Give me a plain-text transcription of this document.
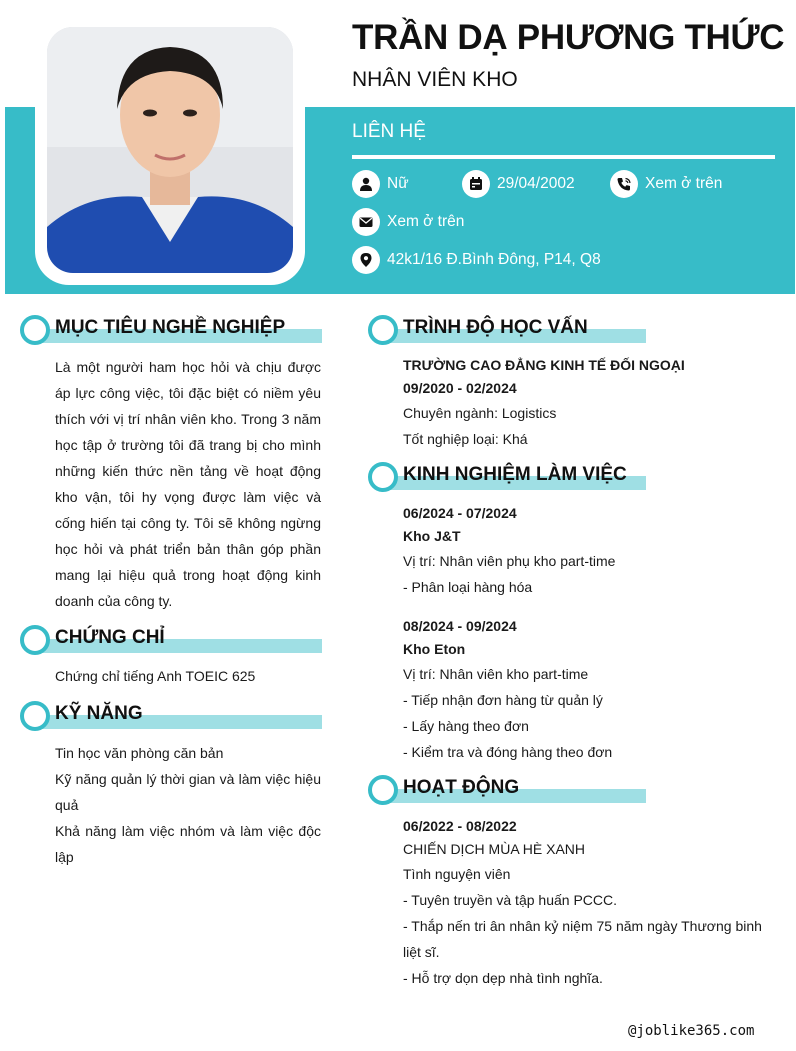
TRẦN DẠ PHƯƠNG THỨC
NHÂN VIÊN KHO
LIÊN HỆ
Nữ	29/04/2002	Xem ở trên
Xem ở trên
42k1/16 Đ.Bình Đông, P14, Q8
MỤC TIÊU NGHỀ NGHIỆP
Là một người ham học hỏi và chịu được áp lực công việc, tôi đặc biệt có niềm yêu thích với vị trí nhân viên kho. Trong 3 năm học tập ở trường tôi đã trang bị cho mình những kiến thức nền tảng về hoạt động kho vận, tôi hy vọng được làm việc và cống hiến tại công ty. Tôi sẽ không ngừng học hỏi và phát triển bản thân góp phần mang lại hiệu quả trong hoạt động kinh doanh của công ty.
CHỨNG CHỈ
Chứng chỉ tiếng Anh TOEIC 625
KỸ NĂNG
Tin học văn phòng căn bản
Kỹ năng quản lý thời gian và làm việc hiệu quả
Khả năng làm việc nhóm và làm việc độc lập
TRÌNH ĐỘ HỌC VẤN
TRƯỜNG CAO ĐẲNG KINH TẾ ĐỐI NGOẠI
09/2020 - 02/2024
Chuyên ngành: Logistics
Tốt nghiệp loại: Khá
KINH NGHIỆM LÀM VIỆC
06/2024 - 07/2024
Kho J&T
Vị trí: Nhân viên phụ kho part-time
- Phân loại hàng hóa
08/2024 - 09/2024
Kho Eton
Vị trí: Nhân viên kho part-time
- Tiếp nhận đơn hàng từ quản lý
- Lấy hàng theo đơn
- Kiểm tra và đóng hàng theo đơn
HOẠT ĐỘNG
06/2022 - 08/2022
CHIẾN DỊCH MÙA HÈ XANH
Tình nguyện viên
- Tuyên truyền và tập huấn PCCC.
- Thắp nến tri ân nhân kỷ niệm 75 năm ngày Thương binh liệt sĩ.
- Hỗ trợ dọn dẹp nhà tình nghĩa.
@joblike365.com
